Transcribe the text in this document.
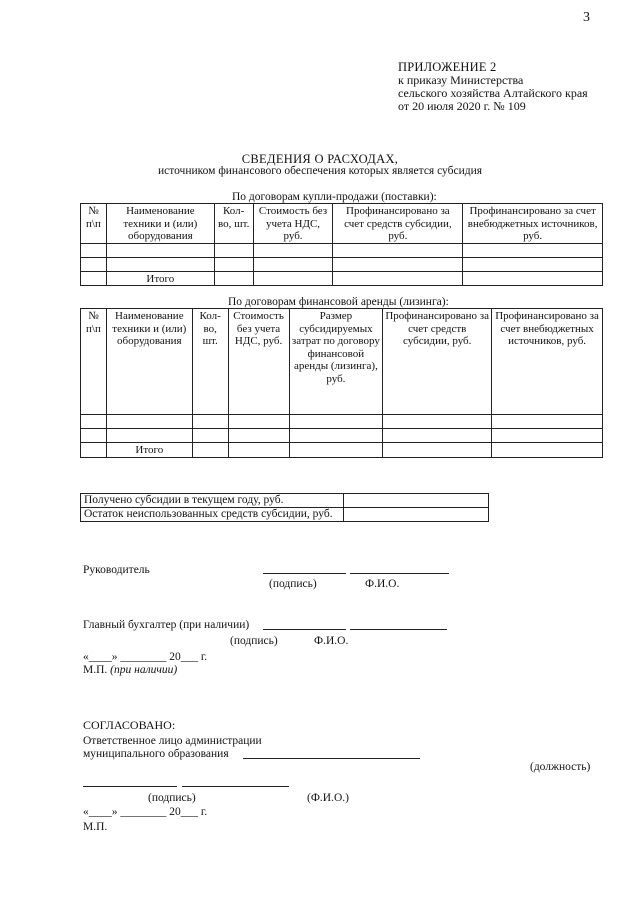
3
ПРИЛОЖЕНИЕ 2
к приказу Министерства
сельского хозяйства Алтайского края
от 20 июля 2020 г. № 109
СВЕДЕНИЯ О РАСХОДАХ,
источником финансового обеспечения которых является субсидия
По договорам купли-продажи (поставки):
№ п\п	Наименование техники и (или) оборудования	Кол-во, шт.	Стоимость без учета НДС, руб.	Профинансировано за счет средств субсидии, руб.	Профинансировано за счет внебюджетных источников, руб.

	Итого				
По договорам финансовой аренды (лизинга):
№ п\п	Наименование техники и (или) оборудования	Кол-во, шт.	Стоимость без учета НДС, руб.	Размер субсидируемых затрат по договору финансовой аренды (лизинга), руб.	Профинансировано за счет средств субсидии, руб.	Профинансировано за счет внебюджетных источников, руб.

	Итого					
Получено субсидии в текущем году, руб.	
Остаток неиспользованных средств субсидии, руб.	
Руководитель
(подпись)	Ф.И.О.
Главный бухгалтер (при наличии)
(подпись)	Ф.И.О.
«____» ________ 20___ г.
М.П. (при наличии)
СОГЛАСОВАНО:
Ответственное лицо администрации
муниципального образования
(должность)
(подпись)	(Ф.И.О.)
«____» ________ 20___ г.
М.П.
